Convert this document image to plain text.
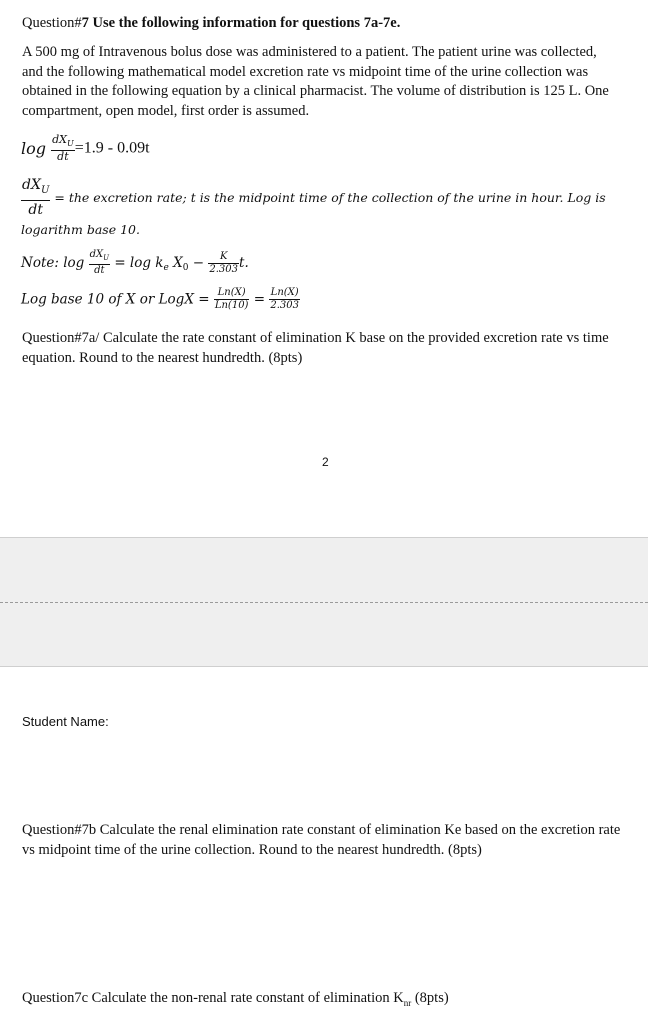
Question#7 Use the following information for questions 7a-7e.
A 500 mg of Intravenous bolus dose was administered to a patient. The patient urine was collected, and the following mathematical model excretion rate vs midpoint time of the urine collection was obtained in the following equation by a clinical pharmacist. The volume of distribution is 125 L. One compartment, open model, first order is assumed.
$\log \frac{dX_U}{dt} =1.9 - 0.09t$
$\frac{dX_U}{dt}$ = the excretion rate; t is the midpoint time of the collection of the urine in hour. Log is
logarithm base 10.
Note: $\log \frac{dX_U}{dt} = \log k_e$ $X_0 - \frac{K}{2.303} t$.
Log base 10 of X or LogX = $\frac{Ln(X)}{Ln(10)} = \frac{Ln(X)}{2.303}$
Question#7a/ Calculate the rate constant of elimination K base on the provided excretion rate vs time equation. Round to the nearest hundredth. (8pts)
2
Student Name:
Question#7b Calculate the renal elimination rate constant of elimination Ke based on the excretion rate vs midpoint time of the urine collection. Round to the nearest hundredth. (8pts)
Question7c Calculate the non-renal rate constant of elimination $K_{nr}$ (8pts)
